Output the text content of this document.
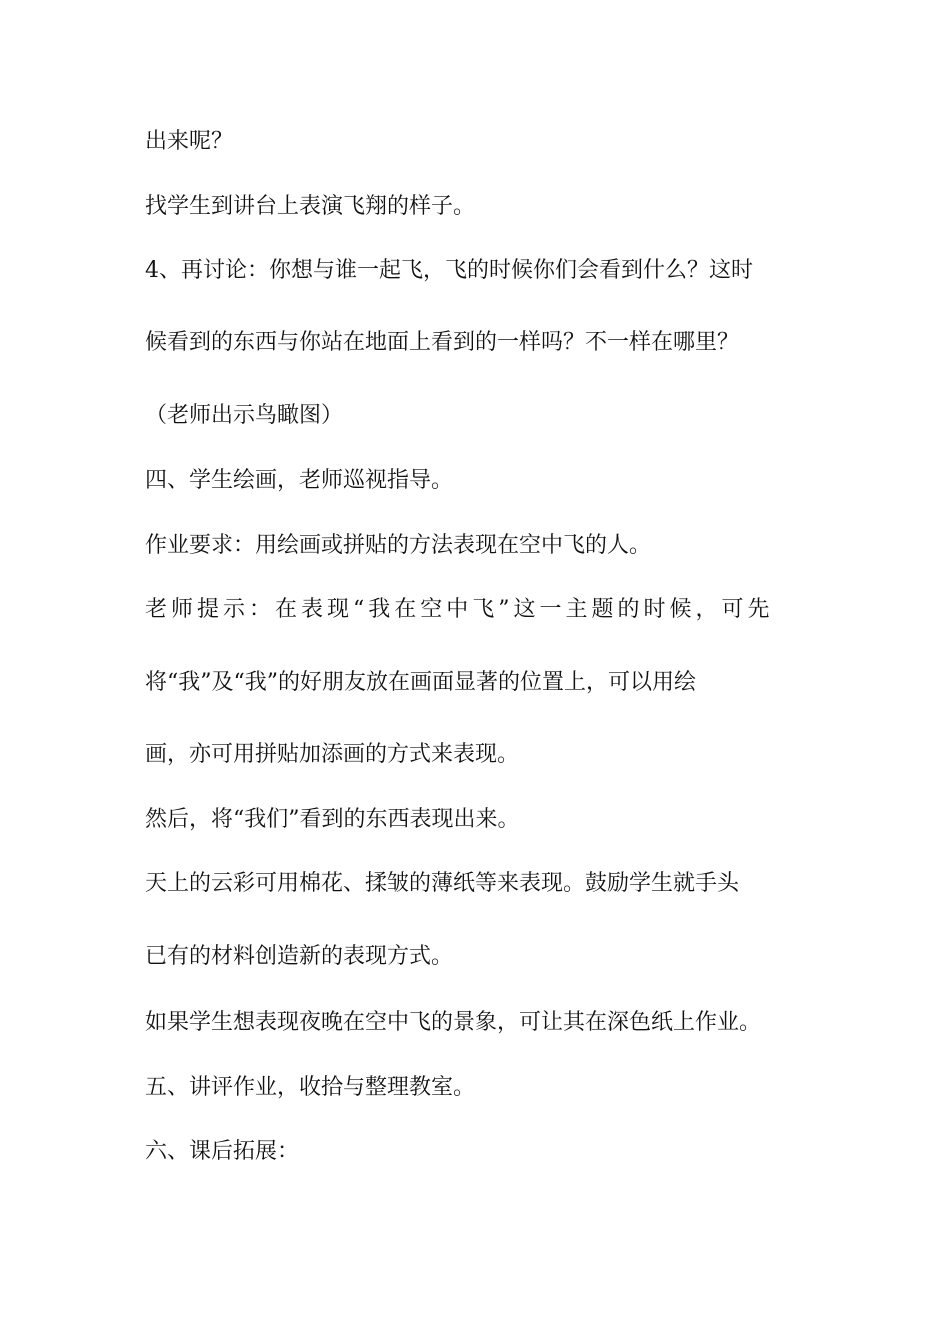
出来呢？

找学生到讲台上表演飞翔的样子。

4、再讨论：你想与谁一起飞，飞的时候你们会看到什么？这时

候看到的东西与你站在地面上看到的一样吗？不一样在哪里？

（老师出示鸟瞰图）

四、学生绘画，老师巡视指导。

作业要求：用绘画或拼贴的方法表现在空中飞的人。

老师提示：在表现“我在空中飞”这一主题的时候，可先

将“我”及“我”的好朋友放在画面显著的位置上，可以用绘

画，亦可用拼贴加添画的方式来表现。

然后，将“我们”看到的东西表现出来。

天上的云彩可用棉花、揉皱的薄纸等来表现。鼓励学生就手头

已有的材料创造新的表现方式。

如果学生想表现夜晚在空中飞的景象，可让其在深色纸上作业。

五、讲评作业，收拾与整理教室。

六、课后拓展：
